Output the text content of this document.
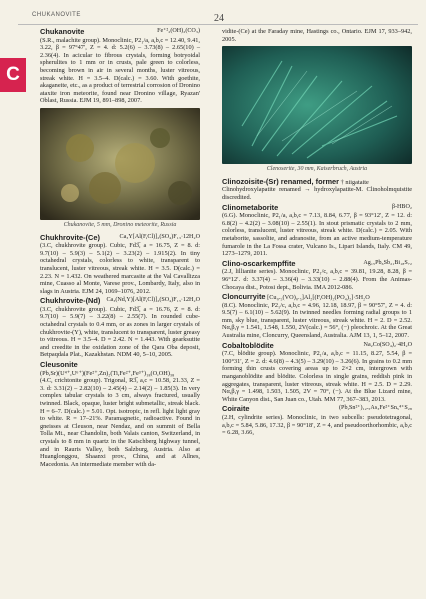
CHUKANOVITE	24
C
Fe⁺²₂(OH)₂(CO₃)
Chukanovite
(S.R., malachite group). Monoclinic, P2₁/a, a,b,c = 12.40, 9.41, 3.22, β = 97°47′, Z = 4. d: 5.2(6) – 3.73(8) – 2.65(10) – 2.36(4). In acicular to fibrous crystals, forming botryoidal spherulites to 1 mm or in crusts, pale green to colorless, becoming brown in air in several months, luster vitreous, streak white. H = 3.5–4. D(calc.) = 3.60. With goethite, akaganeite, etc., as a product of terrestrial corrosion of Dronino ataxite iron meteorite, found near Dronino village, Ryazan' Oblast, Russia. EJM 19, 891–898, 2007.
Chukanovite, 5 mm, Dronino meteorite, Russia
Ca₃Y[Al(F,Cl)]₂(SO₄)F₁₃·12H₂O
Chukhrovite-(Ce)
(3.C, chukhrovite group). Cubic, Fd3̅, a = 16.75, Z = 8. d: 9.7(10) – 5.9(3) – 5.1(2) – 3.23(2) – 1.915(2). In tiny octahedral crystals, colorless to white, transparent to translucent, luster vitreous, streak white. H = 3.5. D(calc.) = 2.23. N = 1.432. On weathered marcasite at the Val Cavallizza mine, Cuasso al Monte, Varese prov., Lombardy, Italy, also in slags in Austria. EJM 24, 1069–1076, 2012.
Ca₃(Nd,Y)[Al(F,Cl)]₂(SO₄)F₁₃·12H₂O
Chukhrovite-(Nd)
(3.C, chukhrovite group). Cubic, Fd3̅, a = 16.76, Z = 8. d: 9.7(10) – 5.9(7) – 3.22(8) – 2.55(7). In rounded cube-octahedral crystals to 0.4 mm, or as zones in larger crystals of chukhrovite-(Y), white, translucent to transparent, luster greasy to vitreous. H = 3.5–4. D = 2.42. N = 1.443. With gearksutite and creedite in the oxidation zone of the Qara Oba deposit, Betpaqdala Plat., Kazakhstan. NDM 40, 5–10, 2005.
Cleusonite
(Pb,Sr)(U⁴⁺,U⁶⁺)(Fe²⁺,Zn)₂(Ti,Fe²⁺,Fe³⁺)₁₈(O,OH)₃₈
(4.C, crichtonite group). Trigonal, R3̅, a,c = 10.58, 21.33, Z = 3. d: 3.31(2) – 2.82(10) – 2.45(4) – 2.14(2) – 1.85(3). In very complex tabular crystals to 3 cm, always fractured, usually twinned. Black, opaque, luster bright submetallic, streak black. H = 6–7. D(calc.) = 5.01. Opt. isotropic, in refl. light light gray to white. R = 17–21%. Paramagnetic, radioactive. Found in gneisses at Cleuson, near Nendaz, and on summit of Bella Tolla Mt., near Chandolin, both Valais canton, Switzerland, in crystals to 8 mm in quartz in the Katschberg highway tunnel, and in Rauris Valley, both Salzburg, Austria. Also at Huanglonggou, Shaanxi prov., China, and at Allnes, Macedonia. An intermediate member with da-
vidite-(Ce) at the Faraday mine, Hastings co., Ontario. EJM 17, 933–942, 2005.
Clenoserite, 30 mm, Kaiserbruch, Austria
Clinozoisite-(Sr) renamed, former † niigataite
Clinohydroxylapatite renamed → hydroxylapatite-M. Clinoholmquistite discredited.
β-HBO₂
Clinometaborite
(6.G). Monoclinic, P2₁/a, a,b,c = 7.13, 8.84, 6.77, β = 93°12′, Z = 12. d: 6.8(2) – 4.2(2) – 3.08(10) – 2.55(1). In stout prismatic crystals to 2 mm, colorless, translucent, luster vitreous, streak white. D(calc.) = 2.05. With metaborite, sassolite, and adranosite, from an active medium-temperature fumarole in the La Fossa crater, Vulcano Is., Lipari Islands, Italy. CM 49, 1273–1279, 2011.
Ag₁₅Pb₆Sb₂₁Bi₁₈S₇₂
Clino-oscarkempffite
(2.J, lillianite series). Monoclinic, P2₁/c, a,b,c = 39.81, 19.28, 8.28, β = 96°12′. d: 3.37(4) – 3.36(4) – 3.33(10) – 2.88(4). From the Animas-Chocaya dist., Potosi dept., Bolivia. IMA 2012-086.
Cloncurryite [Cu₀.₅(VO)₀.₅]Al₂[(F,OH)₂(PO₄)₂]·5H₂O
(8.C). Monoclinic, P2₁/c, a,b,c = 4.96, 12.18, 18.97, β = 90°57′, Z = 4. d: 9.5(7) – 6.1(10) – 5.62(9). In twinned needles forming radial groups to 1 mm, sky blue, transparent, luster vitreous, streak white. H = 2. D = 2.52. Nα,β,γ = 1.541, 1.548, 1.550, 2V(calc.) = 56°, (−) pleochroic. At the Great Australia mine, Cloncurry, Queensland, Australia. AJM 13, 1, 5–12, 2007.
Na₂Co(SO₄)₂·4H₂O
Cobaltoblödite
(7.C, blödite group). Monoclinic, P2₁/a, a,b,c = 11.15, 8.27, 5.54, β = 100°31′, Z = 2. d: 4.6(8) – 4.3(5) – 3.29(10) – 3.26(6). In grains to 0.2 mm forming thin crusts covering areas up to 2×2 cm, intergrown with manganoblödite and blödite. Colorless in single grains, reddish pink in aggregates, transparent, luster vitreous, streak white. H = 2.5. D = 2.29. Nα,β,γ = 1.498, 1.503, 1.505, 2V = 70°, (−). At the Blue Lizard mine, White Canyon dist., San Juan co., Utah. MM 77, 367–383, 2013.
(Pb,Sn²⁺)₁₂.₅As₃Fe²⁺Sn₅⁴⁺S₂₈
Coiraite
(2.H, cylindrite series). Monoclinic, in two subcells: pseudotetragonal, a,b,c = 5.84, 5.86, 17.32, β = 90°18′, Z = 4, and pseudoorthorhombic, a,b,c = 6.28, 3.66,
